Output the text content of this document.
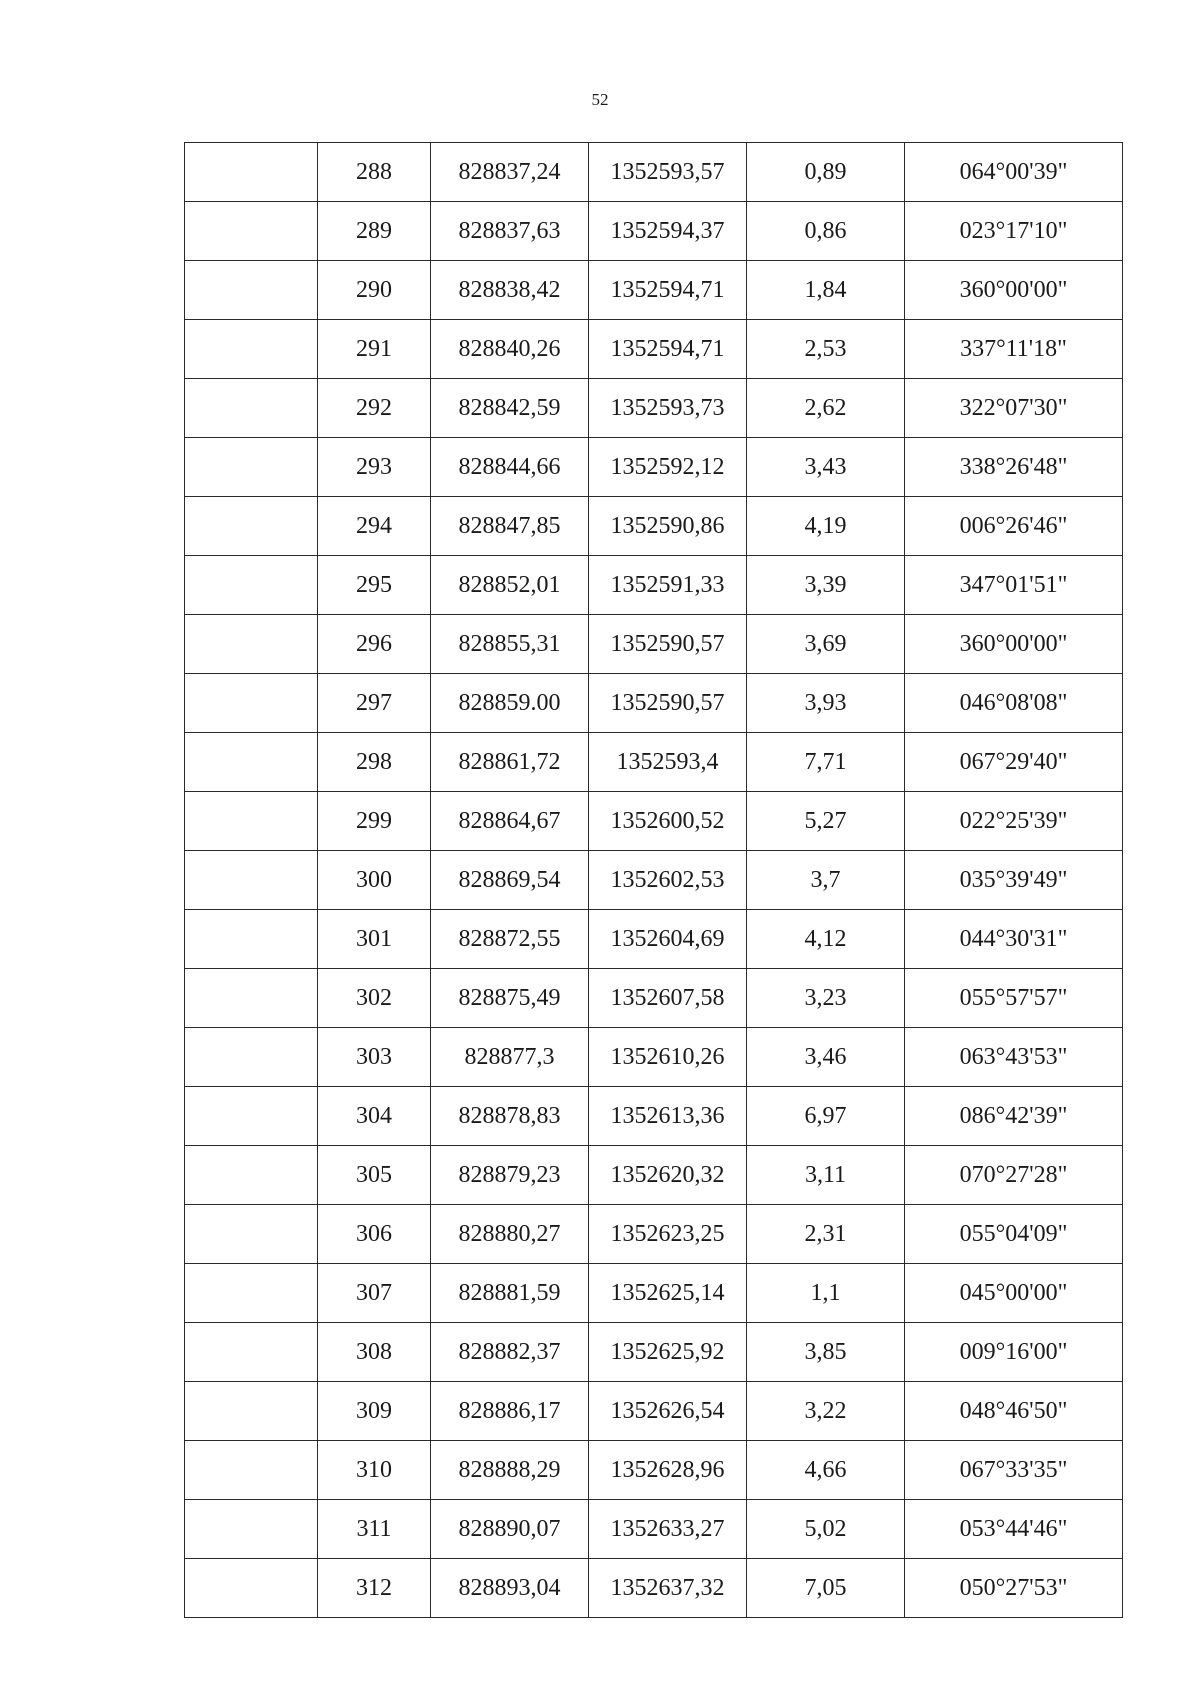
52
	288	828837,24	1352593,57	0,89	064°00'39"
	289	828837,63	1352594,37	0,86	023°17'10"
	290	828838,42	1352594,71	1,84	360°00'00"
	291	828840,26	1352594,71	2,53	337°11'18"
	292	828842,59	1352593,73	2,62	322°07'30"
	293	828844,66	1352592,12	3,43	338°26'48"
	294	828847,85	1352590,86	4,19	006°26'46"
	295	828852,01	1352591,33	3,39	347°01'51"
	296	828855,31	1352590,57	3,69	360°00'00"
	297	828859.00	1352590,57	3,93	046°08'08"
	298	828861,72	1352593,4	7,71	067°29'40"
	299	828864,67	1352600,52	5,27	022°25'39"
	300	828869,54	1352602,53	3,7	035°39'49"
	301	828872,55	1352604,69	4,12	044°30'31"
	302	828875,49	1352607,58	3,23	055°57'57"
	303	828877,3	1352610,26	3,46	063°43'53"
	304	828878,83	1352613,36	6,97	086°42'39"
	305	828879,23	1352620,32	3,11	070°27'28"
	306	828880,27	1352623,25	2,31	055°04'09"
	307	828881,59	1352625,14	1,1	045°00'00"
	308	828882,37	1352625,92	3,85	009°16'00"
	309	828886,17	1352626,54	3,22	048°46'50"
	310	828888,29	1352628,96	4,66	067°33'35"
	311	828890,07	1352633,27	5,02	053°44'46"
	312	828893,04	1352637,32	7,05	050°27'53"
